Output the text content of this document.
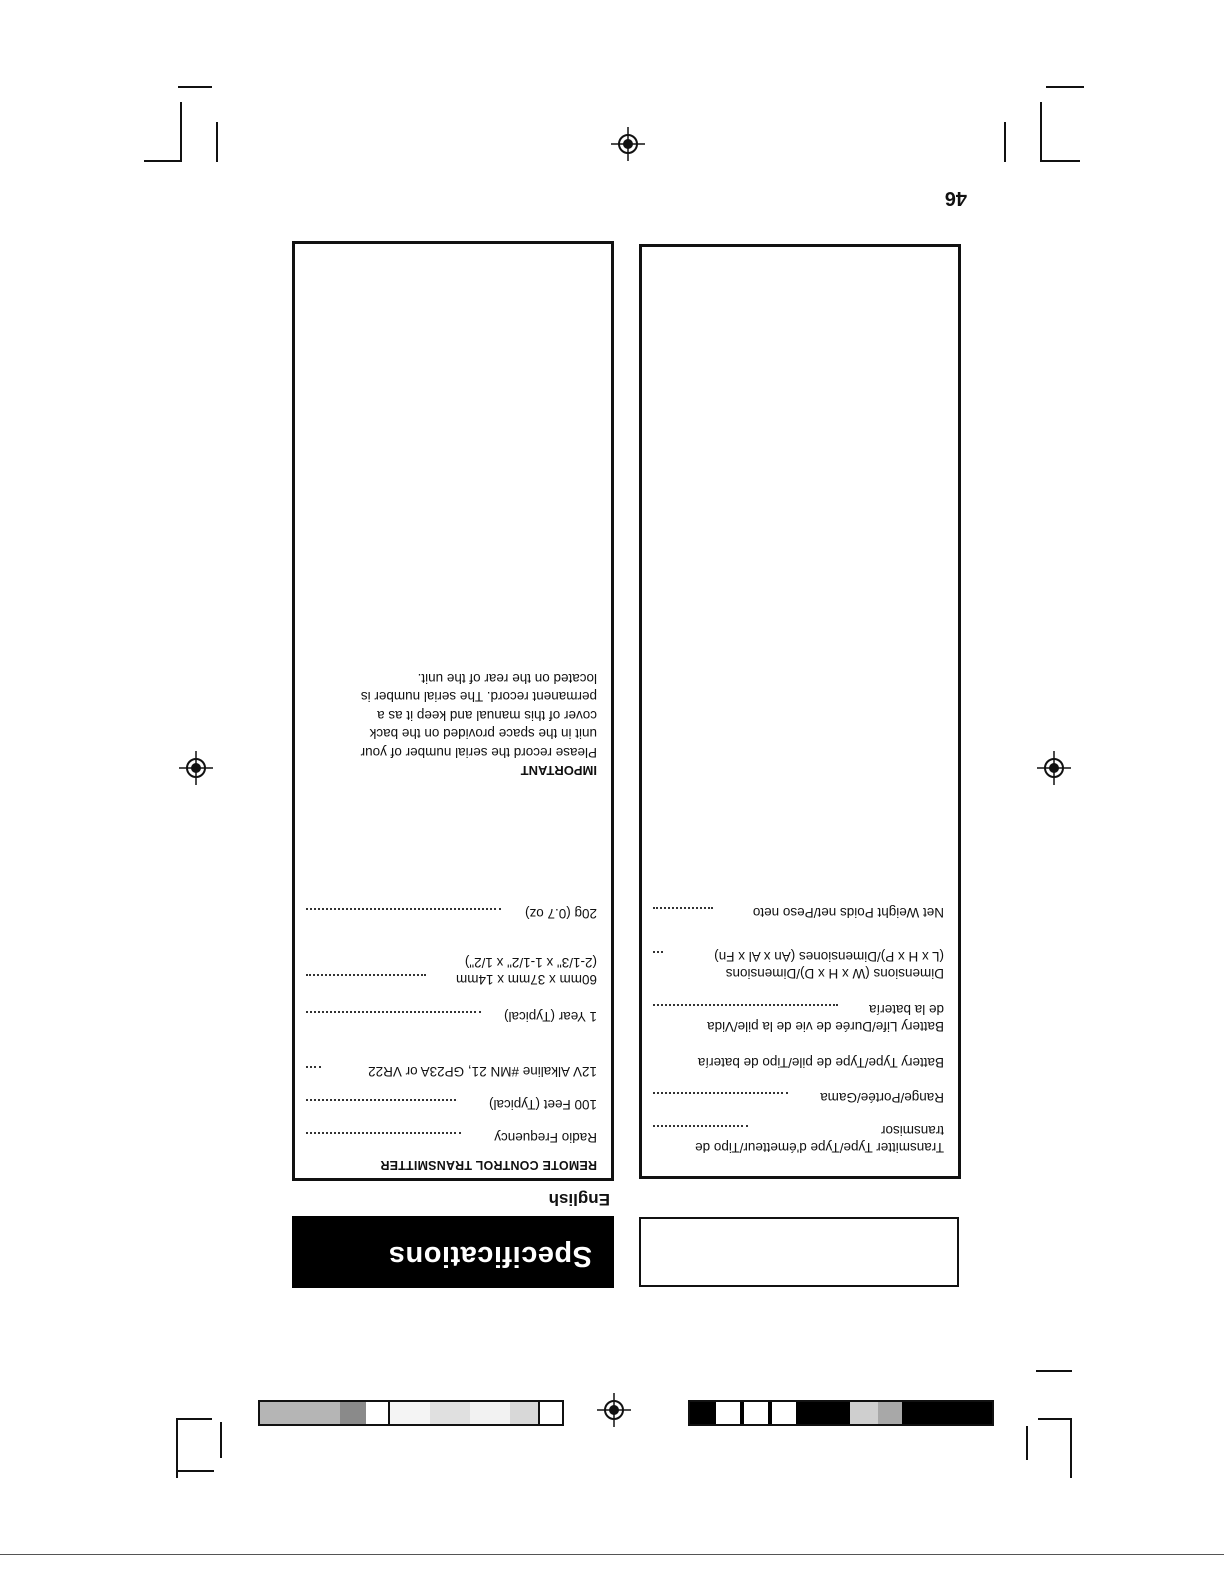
46
Specifications
English
REMOTE CONTROL TRANSMITTER
Radio Frequency
100 Feet (Typical)
12V Alkaline #MN 21, GP23A or VR22
1 Year (Typical)
60mm x 37mm x 14mm
(2-1/3" x 1-1/2" x 1/2")
20g (0.7 oz)
IMPORTANT
Please record the serial number of your
unit in the space provided on the back
cover of this manual and keep it as a
permanent record. The serial number is
located on the rear of the unit.
Transmitter Type/Type d'émetteur/Tipo de
transmisor
Range/Portée/Gama
Battery Type/Type de pile/Tipo de batería
Battery Life/Durée de vie de la pile/Vida
de la batería
Dimensions (W x H x D)/Dimensions
(L x H x P)/Dimensiones (An x Al x Fn)
Net Weight Poids net/Peso neto
